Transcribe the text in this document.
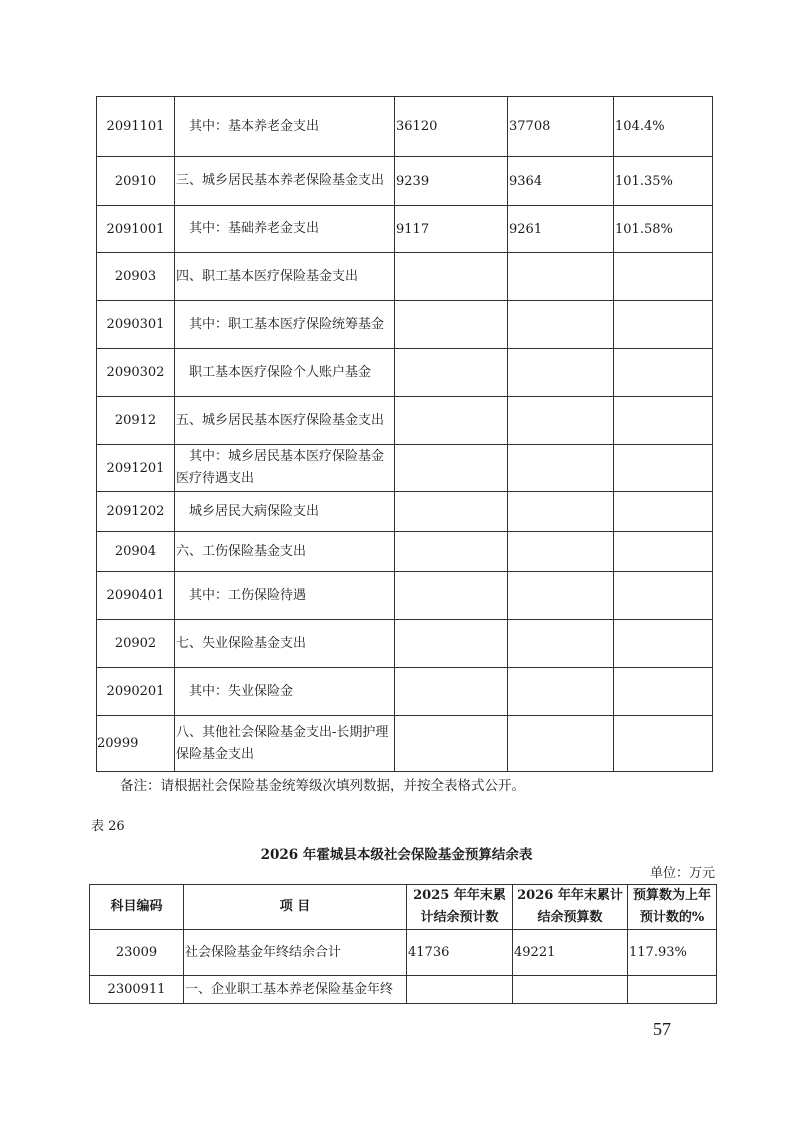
2091101	　其中：基本养老金支出	36120	37708	104.4%
20910	三、城乡居民基本养老保险基金支出	9239	9364	101.35%
2091001	　其中：基础养老金支出	9117	9261	101.58%
20903	四、职工基本医疗保险基金支出			
2090301	　其中：职工基本医疗保险统筹基金			
2090302	　职工基本医疗保险个人账户基金			
20912	五、城乡居民基本医疗保险基金支出			
2091201	　其中：城乡居民基本医疗保险基金医疗待遇支出			
2091202	　城乡居民大病保险支出			
20904	六、工伤保险基金支出			
2090401	　其中：工伤保险待遇			
20902	七、失业保险基金支出			
2090201	　其中：失业保险金			
20999	八、其他社会保险基金支出-长期护理保险基金支出			
备注：请根据社会保险基金统筹级次填列数据，并按全表格式公开。
表 26
2026 年霍城县本级社会保险基金预算结余表
单位：万元
科目编码	项 目	2025 年年末累计结余预计数	2026 年年末累计结余预算数	预算数为上年预计数的%
23009	社会保险基金年终结余合计	41736	49221	117.93%
2300911	一、企业职工基本养老保险基金年终			
57
